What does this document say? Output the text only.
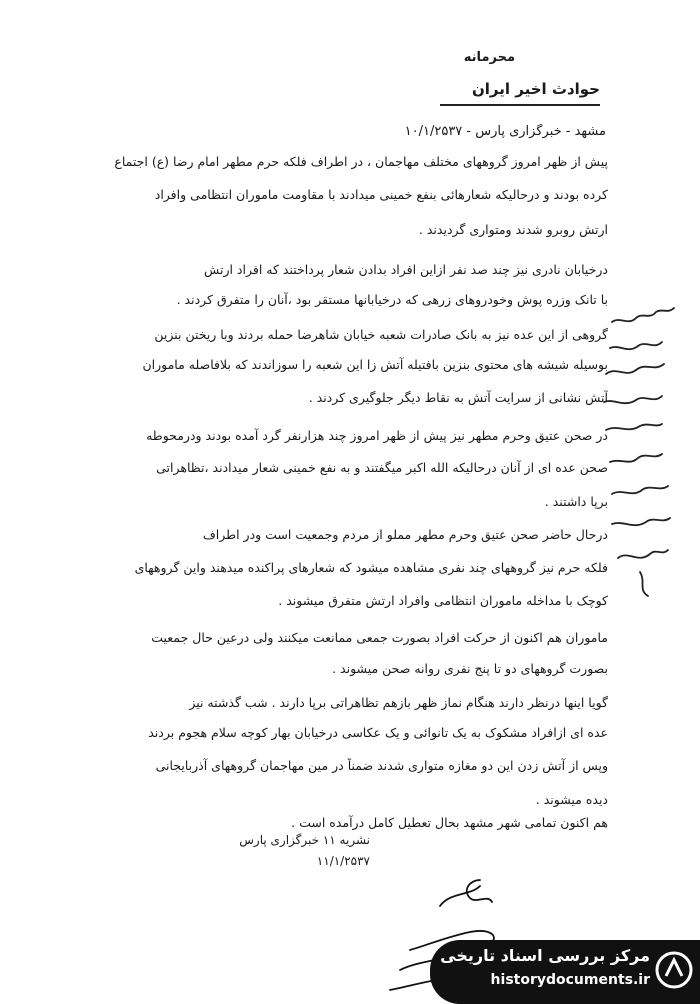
محرمانه
حوادث اخیر ایران
مشهد - خبرگزاری پارس - ۱۰/۱/۲۵۳۷
پیش از ظهر امروز گروههای مختلف مهاجمان ، در اطراف فلکه حرم مطهر امام رضا (ع) اجتماع
کرده بودند و درحالیکه شعارهائی بنفع خمینی میدادند با مقاومت ماموران انتظامی وافراد
ارتش روبرو شدند ومتواری گردیدند .
درخیابان نادری نیز چند صد نفر ازاین افراد بدادن شعار پرداختند که افراد ارتش
با تانک وزره پوش وخودروهای زرهی که درخیابانها مستقر بود ،آنان را متفرق کردند .
گروهی از این عده نیز به بانک صادرات شعبه خیابان شاهرضا حمله بردند وبا ریختن بنزین
بوسیله شیشه های محتوی بنزین بافتیله آتش زا این شعبه را سوزاندند که بلافاصله ماموران
آتش نشانی از سرایت آتش به نقاط دیگر جلوگیری کردند .
در صحن عتیق وحرم مطهر نیز پیش از ظهر امروز چند هزارنفر گرد آمده بودند ودرمحوطه
صحن عده ای از آنان درحالیکه الله اکبر میگفتند و به نفع خمینی شعار میدادند ،تظاهراتی
برپا داشتند .
درحال حاضر صحن عتیق وحرم مطهر مملو از مردم وجمعیت است ودر اطراف
فلکه حرم نیز گروههای چند نفری مشاهده میشود که شعارهای پراکنده میدهند واین گروههای
کوچک با مداخله ماموران انتظامی وافراد ارتش متفرق میشوند .
ماموران هم اکنون از حرکت افراد بصورت جمعی ممانعت میکنند ولی درعین حال جمعیت
بصورت گروههای دو تا پنج نفری روانه صحن میشوند .
گویا اینها درنظر دارند هنگام نماز ظهر بازهم تظاهراتی برپا دارند . شب گذشته نیز
عده ای ازافراد مشکوک به یک تانوائی و یک عکاسی درخیابان بهار کوچه سلام هجوم بردند
وپس از آتش زدن این دو مغازه متواری شدند ضمناً در مین مهاجمان گروههای آذربایجانی
دیده میشوند .
هم اکنون تمامی شهر مشهد بحال تعطیل کامل درآمده است .
نشریه ۱۱ خبرگزاری پارس
۱۱/۱/۲۵۳۷
مرکز بررسی اسناد تاریخی
historydocuments.ir
